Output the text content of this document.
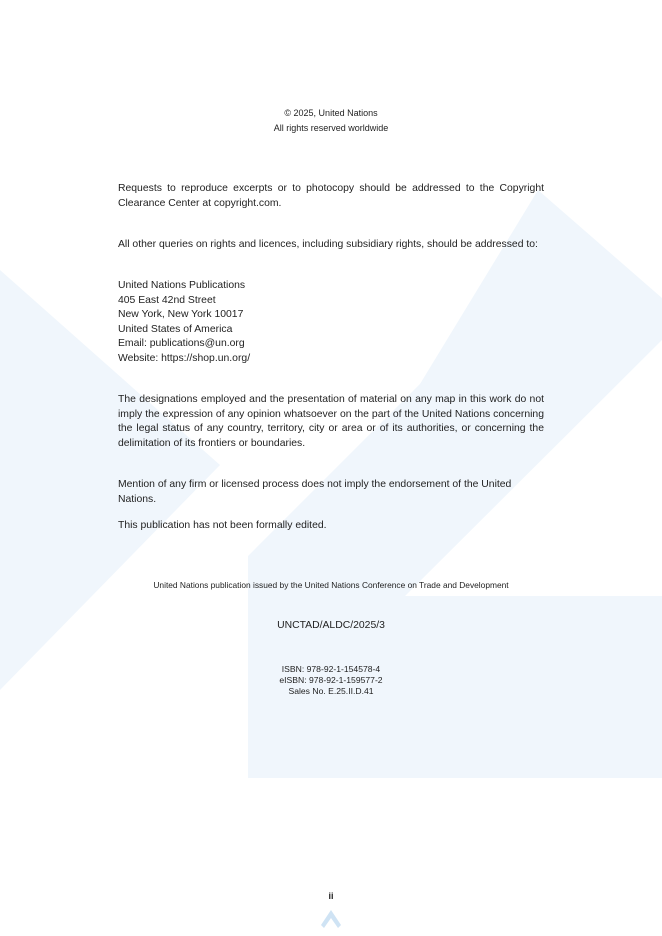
© 2025, United Nations
All rights reserved worldwide
Requests to reproduce excerpts or to photocopy should be addressed to the Copyright Clearance Center at copyright.com.
All other queries on rights and licences, including subsidiary rights, should be addressed to:
United Nations Publications
405 East 42nd Street
New York, New York 10017
United States of America
Email: publications@un.org
Website: https://shop.un.org/
The designations employed and the presentation of material on any map in this work do not imply the expression of any opinion whatsoever on the part of the United Nations concerning the legal status of any country, territory, city or area or of its authorities, or concerning the delimitation of its frontiers or boundaries.
Mention of any firm or licensed process does not imply the endorsement of the United Nations.
This publication has not been formally edited.
United Nations publication issued by the United Nations Conference on Trade and Development
UNCTAD/ALDC/2025/3
ISBN: 978-92-1-154578-4
eISBN: 978-92-1-159577-2
Sales No. E.25.II.D.41
ii
